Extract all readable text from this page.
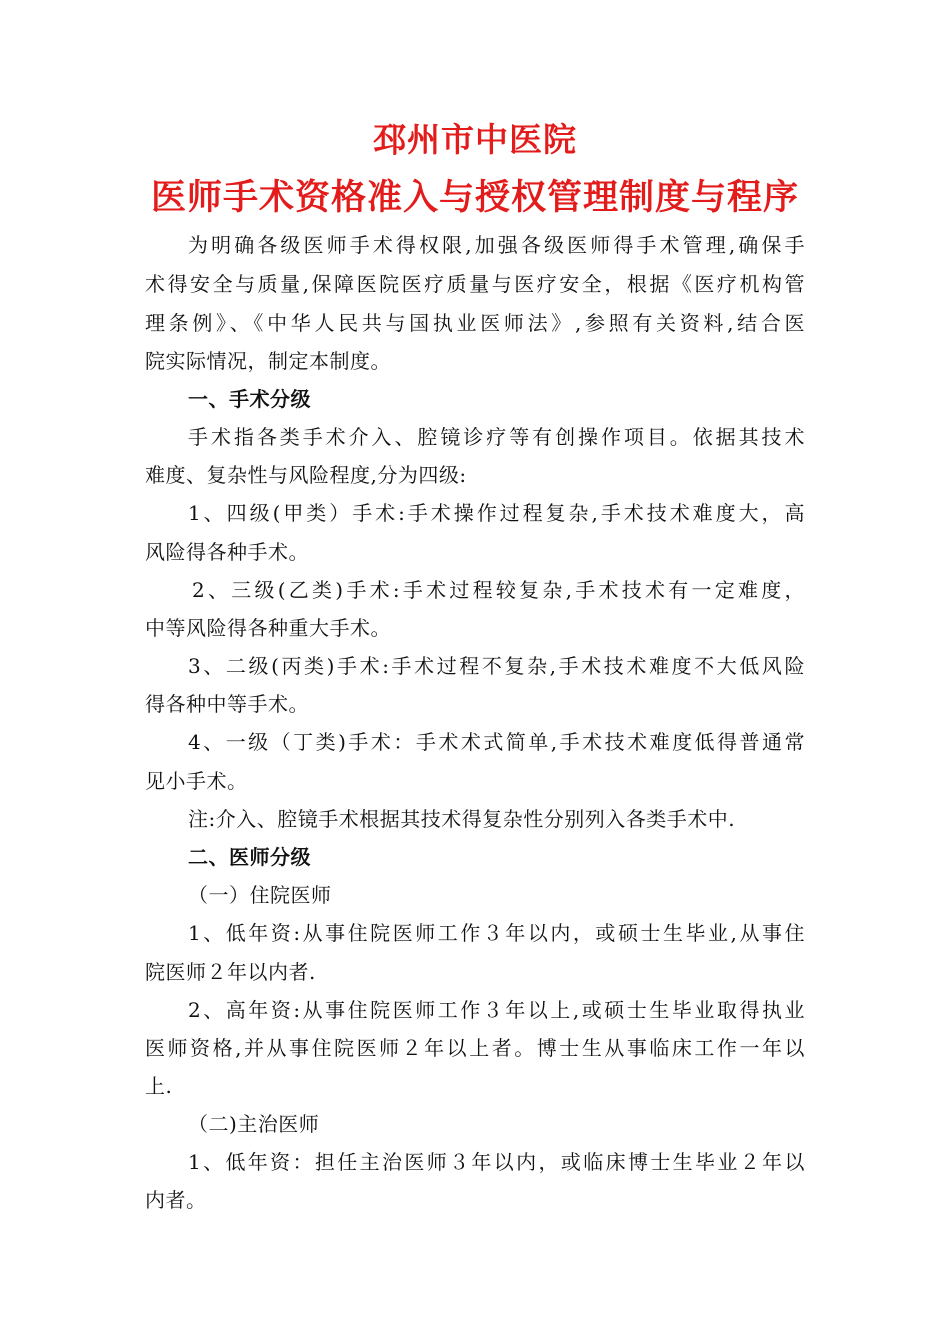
邳州市中医院
医师手术资格准入与授权管理制度与程序
为明确各级医师手术得权限,加强各级医师得手术管理,确保手
术得安全与质量,保障医院医疗质量与医疗安全，根据《医疗机构管
理条例》、《中华人民共与国执业医师法》,参照有关资料,结合医
院实际情况，制定本制度。
一、手术分级
手术指各类手术介入、腔镜诊疗等有创操作项目。依据其技术
难度、复杂性与风险程度,分为四级:
1、四级(甲类）手术:手术操作过程复杂,手术技术难度大，高
风险得各种手术。
2、三级(乙类)手术:手术过程较复杂,手术技术有一定难度，
中等风险得各种重大手术。
3、二级(丙类)手术:手术过程不复杂,手术技术难度不大低风险
得各种中等手术。
4、一级（丁类)手术：手术术式简单,手术技术难度低得普通常
见小手术。
注:介入、腔镜手术根据其技术得复杂性分别列入各类手术中.
二、医师分级
（一）住院医师
1、低年资:从事住院医师工作３年以内，或硕士生毕业,从事住
院医师２年以内者.
2、高年资:从事住院医师工作３年以上,或硕士生毕业取得执业
医师资格,并从事住院医师２年以上者。博士生从事临床工作一年以
上.
（二)主治医师
1、低年资：担任主治医师３年以内，或临床博士生毕业２年以
内者。
